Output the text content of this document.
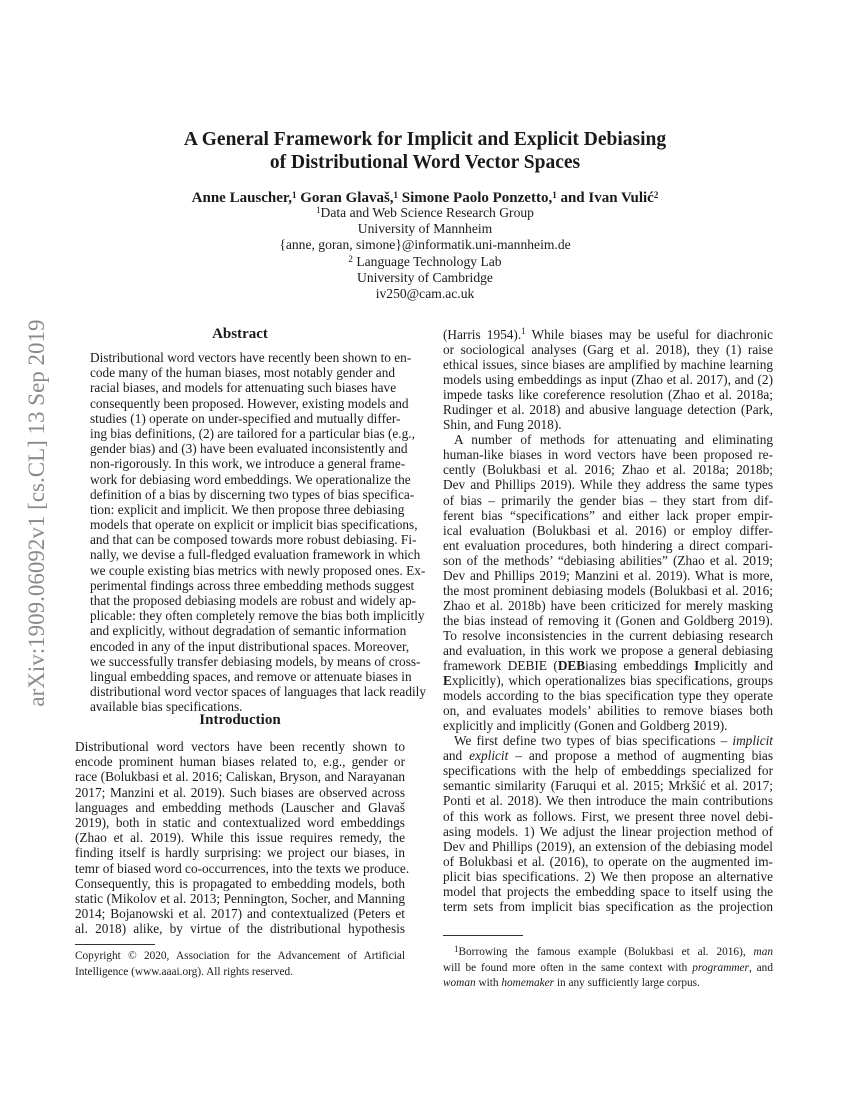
arXiv:1909.06092v1 [cs.CL] 13 Sep 2019
A General Framework for Implicit and Explicit Debiasing
of Distributional Word Vector Spaces
Anne Lauscher,$^1$ Goran Glavaš,$^1$ Simone Paolo Ponzetto,$^1$ and Ivan Vulić$^2$
$^1$Data and Web Science Research Group
University of Mannheim
{anne, goran, simone}@informatik.uni-mannheim.de
$^2$ Language Technology Lab
University of Cambridge
iv250@cam.ac.uk
Abstract
Distributional word vectors have recently been shown to en-
code many of the human biases, most notably gender and
racial biases, and models for attenuating such biases have
consequently been proposed. However, existing models and
studies (1) operate on under-specified and mutually differ-
ing bias definitions, (2) are tailored for a particular bias (e.g.,
gender bias) and (3) have been evaluated inconsistently and
non-rigorously. In this work, we introduce a general frame-
work for debiasing word embeddings. We operationalize the
definition of a bias by discerning two types of bias specifica-
tion: explicit and implicit. We then propose three debiasing
models that operate on explicit or implicit bias specifications,
and that can be composed towards more robust debiasing. Fi-
nally, we devise a full-fledged evaluation framework in which
we couple existing bias metrics with newly proposed ones. Ex-
perimental findings across three embedding methods suggest
that the proposed debiasing models are robust and widely ap-
plicable: they often completely remove the bias both implicitly
and explicitly, without degradation of semantic information
encoded in any of the input distributional spaces. Moreover,
we successfully transfer debiasing models, by means of cross-
lingual embedding spaces, and remove or attenuate biases in
distributional word vector spaces of languages that lack readily
available bias specifications.
Introduction
Distributional word vectors have been recently shown to
encode prominent human biases related to, e.g., gender or
race (Bolukbasi et al. 2016; Caliskan, Bryson, and Narayanan
2017; Manzini et al. 2019). Such biases are observed across
languages and embedding methods (Lauscher and Glavaš
2019), both in static and contextualized word embeddings
(Zhao et al. 2019). While this issue requires remedy, the
finding itself is hardly surprising: we project our biases, in
temr of biased word co-occurrences, into the texts we produce.
Consequently, this is propagated to embedding models, both
static (Mikolov et al. 2013; Pennington, Socher, and Manning
2014; Bojanowski et al. 2017) and contextualized (Peters et
al. 2018) alike, by virtue of the distributional hypothesis
Copyright © 2020, Association for the Advancement of Artificial
Intelligence (www.aaai.org). All rights reserved.
(Harris 1954).$^1$ While biases may be useful for diachronic
or sociological analyses (Garg et al. 2018), they (1) raise
ethical issues, since biases are amplified by machine learning
models using embeddings as input (Zhao et al. 2017), and (2)
impede tasks like coreference resolution (Zhao et al. 2018a;
Rudinger et al. 2018) and abusive language detection (Park,
Shin, and Fung 2018).
A number of methods for attenuating and eliminating
human-like biases in word vectors have been proposed re-
cently (Bolukbasi et al. 2016; Zhao et al. 2018a; 2018b;
Dev and Phillips 2019). While they address the same types
of bias – primarily the gender bias – they start from dif-
ferent bias “specifications” and either lack proper empir-
ical evaluation (Bolukbasi et al. 2016) or employ differ-
ent evaluation procedures, both hindering a direct compari-
son of the methods’ “debiasing abilities” (Zhao et al. 2019;
Dev and Phillips 2019; Manzini et al. 2019). What is more,
the most prominent debiasing models (Bolukbasi et al. 2016;
Zhao et al. 2018b) have been criticized for merely masking
the bias instead of removing it (Gonen and Goldberg 2019).
To resolve inconsistencies in the current debiasing research
and evaluation, in this work we propose a general debiasing
framework DEBIE (DEBiasing embeddings Implicitly and
Explicitly), which operationalizes bias specifications, groups
models according to the bias specification type they operate
on, and evaluates models’ abilities to remove biases both
explicitly and implicitly (Gonen and Goldberg 2019).
We first define two types of bias specifications – implicit
and explicit – and propose a method of augmenting bias
specifications with the help of embeddings specialized for
semantic similarity (Faruqui et al. 2015; Mrkšić et al. 2017;
Ponti et al. 2018). We then introduce the main contributions
of this work as follows. First, we present three novel debi-
asing models. 1) We adjust the linear projection method of
Dev and Phillips (2019), an extension of the debiasing model
of Bolukbasi et al. (2016), to operate on the augmented im-
plicit bias specifications. 2) We then propose an alternative
model that projects the embedding space to itself using the
term sets from implicit bias specification as the projection
$^1$Borrowing the famous example (Bolukbasi et al. 2016), man
will be found more often in the same context with programmer, and
woman with homemaker in any sufficiently large corpus.
